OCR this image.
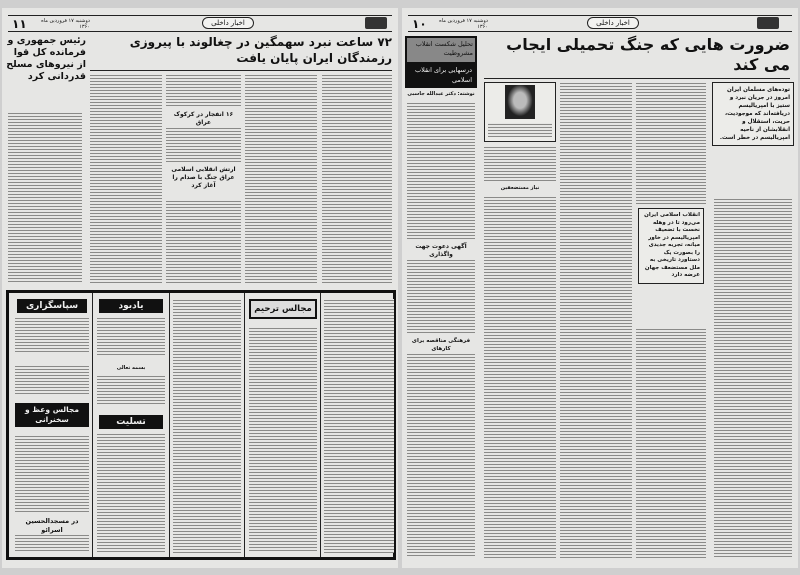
۱۱	دوشنبه ۱۷ فروردین ماه ۱۳۶۰	اخبار داخلی
۷۲ ساعت نبرد سهمگین در چغالوند با پیروزی رزمندگان ایران پایان یافت
رئیس جمهوری و فرمانده کل قوا از نیروهای مسلح قدردانی کرد
۱۶ انفجار در کرکوک عراق
ارتش انقلابی اسلامی عراق جنگ با صدام را آغاز کرد
سپاسگزاری
مجالس وعظ و سخنرانی
در مسجدالحسین اسرائو
یادبود
بسمه تعالی
تسلیت
مجالس ترحیم
۱۰	دوشنبه ۱۷ فروردین ماه ۱۳۶۰	اخبار داخلی
ضرورت هایی که جنگ تحمیلی ایجاب می کند
تحلیل شکست انقلاب مشروطیت
درسهایی برای انقلاب اسلامی
نوشته: دکتر عبدالله جاسبی
آگهی دعوت جهت واگذاری
فرهنگی مناقصه برای کارهای
نیاز مستضعفین
انقلاب اسلامی ایران می‌رود تا در وهله نخست با تضعیف امپریالیسم در خاور میانه، تجربه جدیدی را بصورت یک دستاورد تاریخی به ملل مستضعف جهان عرضه دارد
توده‌های مسلمان ایران امروز در جریان نبرد و ستیز با امپریالیسم دریافته‌اند که موجودیت، حریت، استقلال و انقلابشان از ناحیه امپریالیسم در خطر است.
